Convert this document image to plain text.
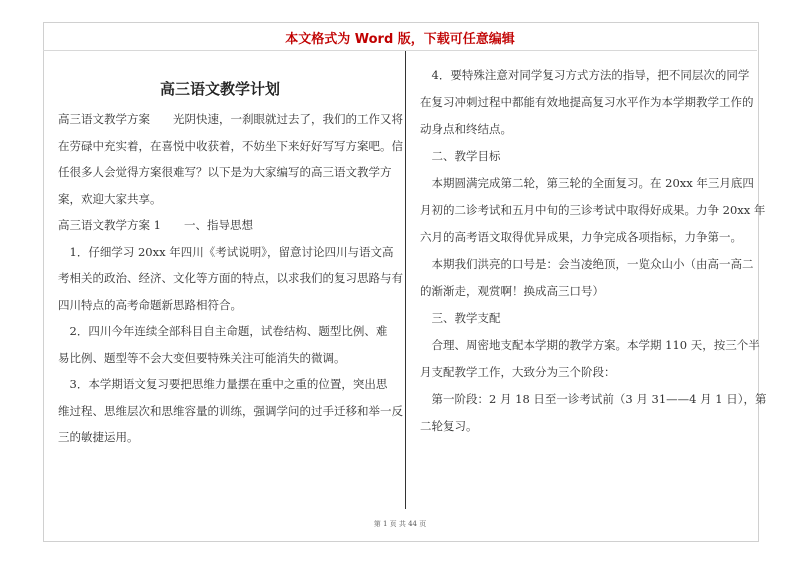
本文格式为 Word 版，下载可任意编辑
高三语文教学计划

高三语文教学方案　　光阴快速，一刹眼就过去了，我们的工作又将

在劳碌中充实着，在喜悦中收获着，不妨坐下来好好写写方案吧。信

任很多人会觉得方案很难写？以下是为大家编写的高三语文教学方

案，欢迎大家共享。

高三语文教学方案 1　　一、指导思想

　1．仔细学习 20xx 年四川《考试说明》，留意讨论四川与语文高

考相关的政治、经济、文化等方面的特点，以求我们的复习思路与有

四川特点的高考命题新思路相符合。

　2．四川今年连续全部科目自主命题，试卷结构、题型比例、难

易比例、题型等不会大变但要特殊关注可能消失的微调。

　3．本学期语文复习要把思维力量摆在重中之重的位置，突出思

维过程、思维层次和思维容量的训练，强调学问的过手迁移和举一反

三的敏捷运用。

　4．要特殊注意对同学复习方式方法的指导，把不同层次的同学

在复习冲刺过程中都能有效地提高复习水平作为本学期教学工作的

动身点和终结点。

　二、教学目标

　本期圆满完成第二轮，第三轮的全面复习。在 20xx 年三月底四

月初的二诊考试和五月中旬的三诊考试中取得好成果。力争 20xx 年

六月的高考语文取得优异成果，力争完成各项指标，力争第一。

　本期我们洪亮的口号是：会当凌绝顶，一览众山小（由高一高二

的渐渐走，观赏啊！换成高三口号）

　三、教学支配

　合理、周密地支配本学期的教学方案。本学期 110 天，按三个半

月支配教学工作，大致分为三个阶段：

　第一阶段：2 月 18 日至一诊考试前（3 月 31——4 月 1 日），第

二轮复习。

第 1 页 共 44 页
